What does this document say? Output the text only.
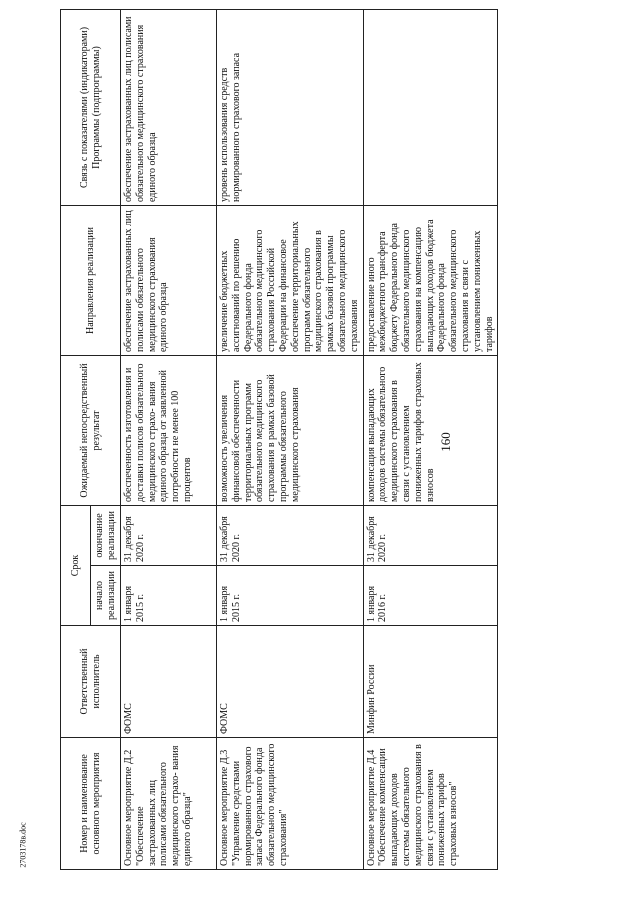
160
2703178в.doc	Номер и наименование основного мероприятия	Ответственный исполнитель	Срок		Ожидаемый непосредственный результат	Направления реализации	Связь с показателями (индикаторами) Программы (подпрограммы)
		начало реализации	окончание реализации			
Основное мероприятие Д.2 "Обеспечение застрахованных лиц полисами обязательного медицинского страхо- вания единого образца"	ФОМС	1 января 2015 г.	31 декабря 2020 г.	обеспеченность изготовления и доставки полисов обязательного медицинского страхо- вания единого образца от заявленной потребности не менее 100 процентов	обеспечение застрахованных лиц полисами обязательного медицинского страхования единого образца	обеспечение застрахованных лиц полисами обязательного медицинского страхования единого образца
Основное мероприятие Д.3 "Управление средствами нормированного страхового запаса Федерального фонда обязательного медицинского страхования"	ФОМС	1 января 2015 г.	31 декабря 2020 г.	возможность увеличения финансовой обеспеченности территориальных программ обязательного медицинского страхования в рамках базовой программы обязательного медицинского страхования	увеличение бюджетных ассигнований по решению Федерального фонда обязательного медицинского страхования Российской Федерации на финансовое обеспечение территориальных программ обязательного медицинского страхования в рамках базовой программы обязательного медицинского страхования	уровень использования средств нормированного страхового запаса
Основное мероприятие Д.4 "Обеспечение компенсации выпадающих доходов системы обязательного медицинского страхования в связи с установлением пониженных тарифов страховых взносов"	Минфин России	1 января 2016 г.	31 декабря 2020 г.	компенсация выпадающих доходов системы обязательного медицинского страхования в связи с установлением пониженных тарифов страховых взносов	предоставление иного межбюджетного трансферта бюджету Федерального фонда обязательного медицинского страхования на компенсацию выпадающих доходов бюджета Федерального фонда обязательного медицинского страхования в связи с установлением пониженных тарифов	
